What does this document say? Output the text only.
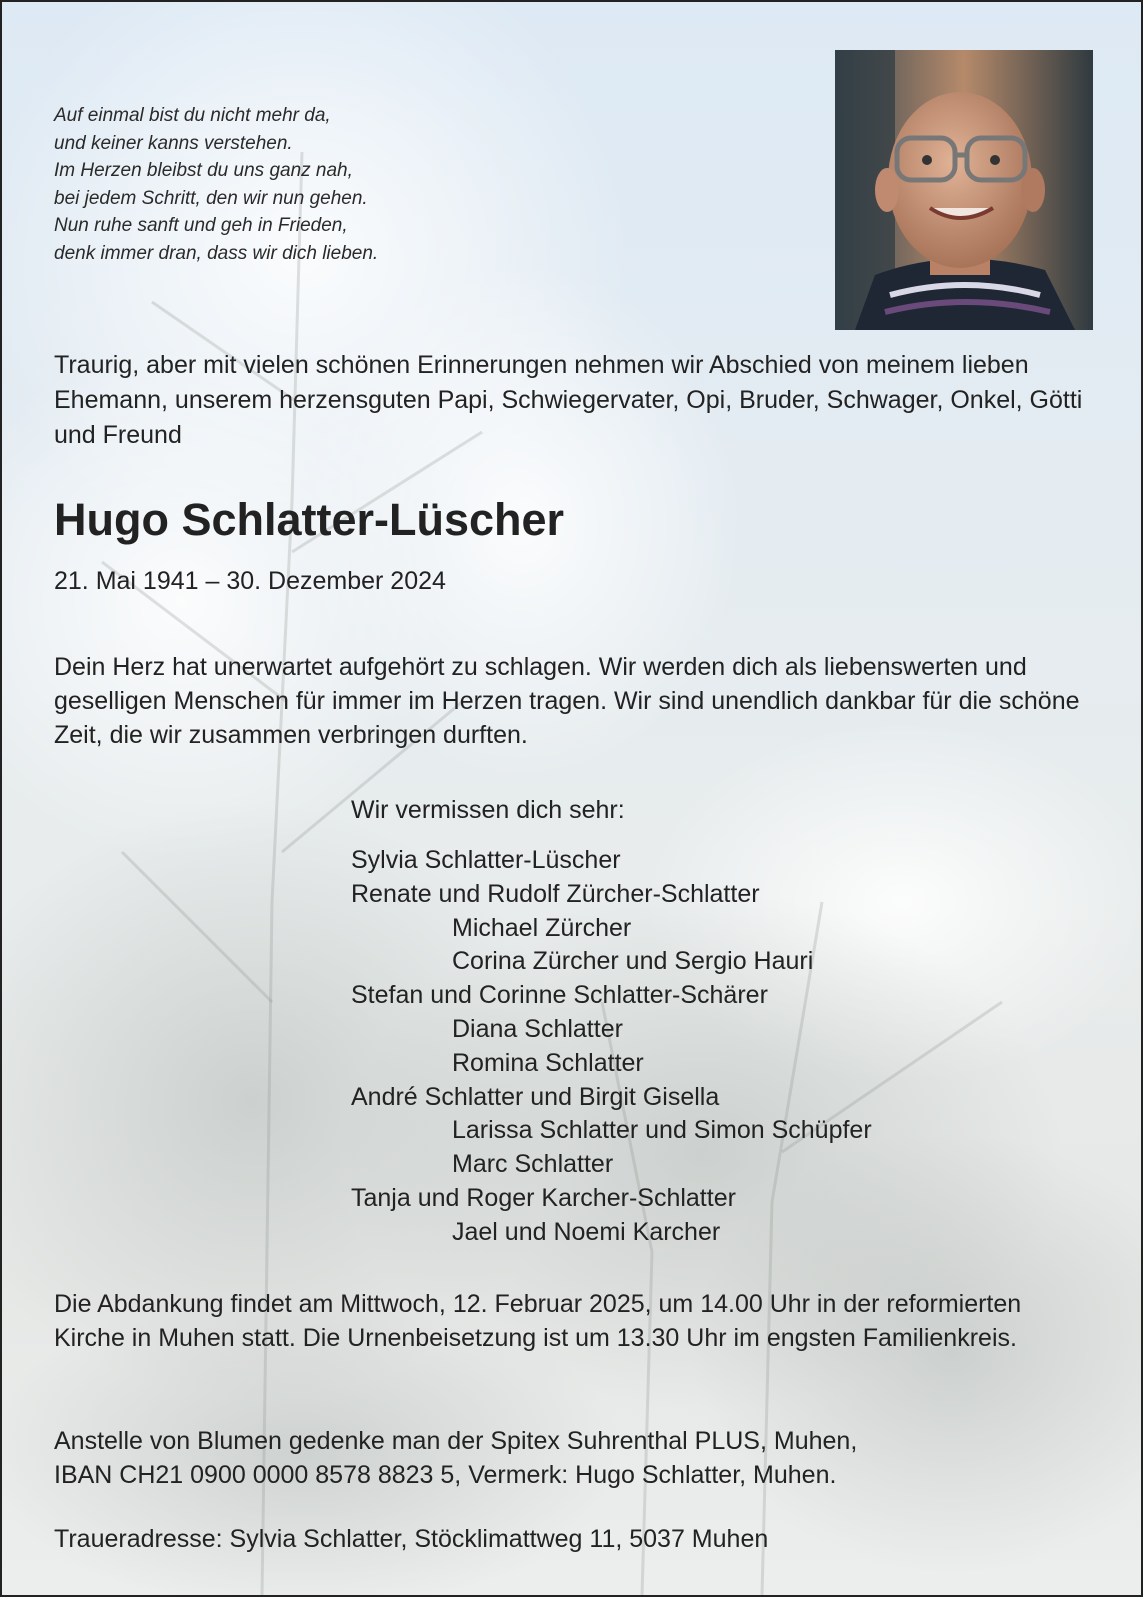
Auf einmal bist du nicht mehr da,
und keiner kanns verstehen.
Im Herzen bleibst du uns ganz nah,
bei jedem Schritt, den wir nun gehen.
Nun ruhe sanft und geh in Frieden,
denk immer dran, dass wir dich lieben.
Traurig, aber mit vielen schönen Erinnerungen nehmen wir Abschied von meinem lieben Ehemann, unserem herzensguten Papi, Schwiegervater, Opi, Bruder, Schwager, Onkel, Götti und Freund
Hugo Schlatter-Lüscher
21. Mai 1941 – 30. Dezember 2024
Dein Herz hat unerwartet aufgehört zu schlagen. Wir werden dich als liebenswerten und geselligen Menschen für immer im Herzen tragen. Wir sind unendlich dankbar für die schöne Zeit, die wir zusammen verbringen durften.
Wir vermissen dich sehr:
Sylvia Schlatter-Lüscher
Renate und Rudolf Zürcher-Schlatter
Michael Zürcher
Corina Zürcher und Sergio Hauri
Stefan und Corinne Schlatter-Schärer
Diana Schlatter
Romina Schlatter
André Schlatter und Birgit Gisella
Larissa Schlatter und Simon Schüpfer
Marc Schlatter
Tanja und Roger Karcher-Schlatter
Jael und Noemi Karcher
Die Abdankung findet am Mittwoch, 12. Februar 2025, um 14.00 Uhr in der reformierten Kirche in Muhen statt. Die Urnenbeisetzung ist um 13.30 Uhr im engsten Familienkreis.
Anstelle von Blumen gedenke man der Spitex Suhrenthal PLUS, Muhen,
IBAN CH21 0900 0000 8578 8823 5, Vermerk: Hugo Schlatter, Muhen.
Traueradresse: Sylvia Schlatter, Stöcklimattweg 11, 5037 Muhen
